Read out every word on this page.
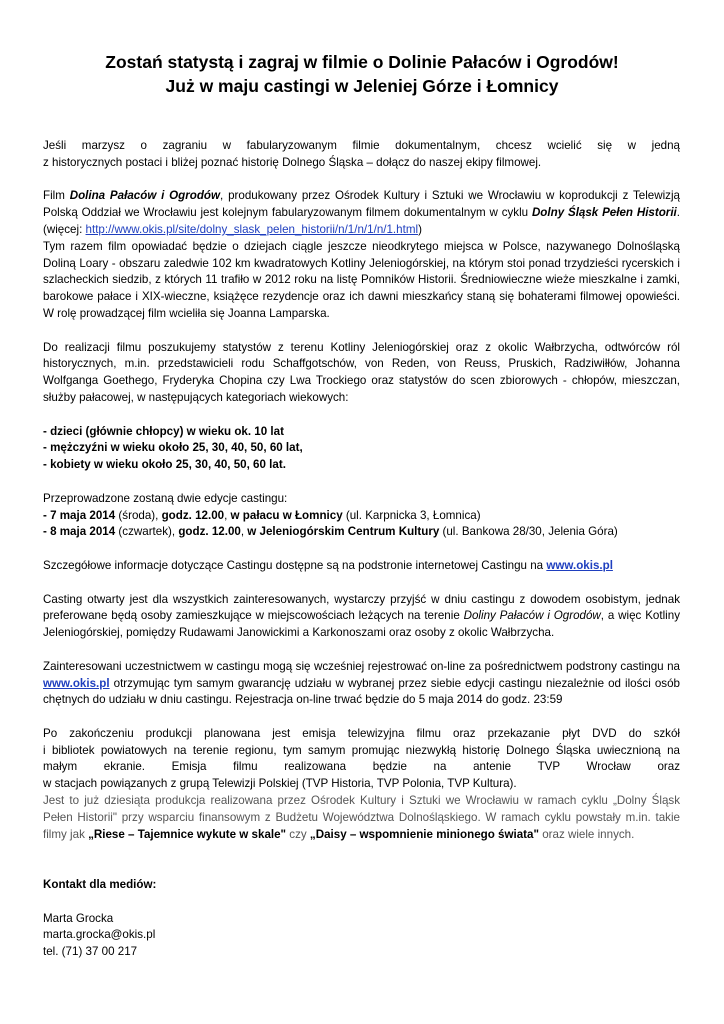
Zostań statystą i zagraj w filmie o Dolinie Pałaców i Ogrodów!
Już w maju castingi w Jeleniej Górze i Łomnicy

Jeśli marzysz o zagraniu w fabularyzowanym filmie dokumentalnym, chcesz wcielić się w jedną
z historycznych postaci i bliżej poznać historię Dolnego Śląska – dołącz do naszej ekipy filmowej.

Film Dolina Pałaców i Ogrodów, produkowany przez Ośrodek Kultury i Sztuki we Wrocławiu w koprodukcji z Telewizją Polską Oddział we Wrocławiu jest kolejnym fabularyzowanym filmem dokumentalnym w cyklu Dolny Śląsk Pełen Historii. (więcej: http://www.okis.pl/site/dolny_slask_pelen_historii/n/1/n/1/n/1.html)
Tym razem film opowiadać będzie o dziejach ciągle jeszcze nieodkrytego miejsca w Polsce, nazywanego Dolnośląską Doliną Loary - obszaru zaledwie 102 km kwadratowych Kotliny Jeleniogórskiej, na którym stoi ponad trzydzieści rycerskich i szlacheckich siedzib, z których 11 trafiło w 2012 roku na listę Pomników Historii. Średniowieczne wieże mieszkalne i zamki, barokowe pałace i XIX-wieczne, książęce rezydencje oraz ich dawni mieszkańcy staną się bohaterami filmowej opowieści. W rolę prowadzącej film wcieliła się Joanna Lamparska.

Do realizacji filmu poszukujemy statystów z terenu Kotliny Jeleniogórskiej oraz z okolic Wałbrzycha, odtwórców ról historycznych, m.in. przedstawicieli rodu Schaffgotschów, von Reden, von Reuss, Pruskich, Radziwiłłów, Johanna Wolfganga Goethego, Fryderyka Chopina czy Lwa Trockiego oraz statystów do scen zbiorowych - chłopów, mieszczan, służby pałacowej, w następujących kategoriach wiekowych:

- dzieci (głównie chłopcy) w wieku ok. 10 lat
- mężczyźni w wieku około 25, 30, 40, 50, 60 lat,
- kobiety w wieku około 25, 30, 40, 50, 60 lat.

Przeprowadzone zostaną dwie edycje castingu:
- 7 maja 2014 (środa), godz. 12.00, w pałacu w Łomnicy (ul. Karpnicka 3, Łomnica)
- 8 maja 2014 (czwartek), godz. 12.00, w Jeleniogórskim Centrum Kultury (ul. Bankowa 28/30, Jelenia Góra)

Szczegółowe informacje dotyczące Castingu dostępne są na podstronie internetowej Castingu na www.okis.pl

Casting otwarty jest dla wszystkich zainteresowanych, wystarczy przyjść w dniu castingu z dowodem osobistym, jednak preferowane będą osoby zamieszkujące w miejscowościach leżących na terenie Doliny Pałaców i Ogrodów, a więc Kotliny Jeleniogórskiej, pomiędzy Rudawami Janowickimi a Karkonoszami oraz osoby z okolic Wałbrzycha.

Zainteresowani uczestnictwem w castingu mogą się wcześniej rejestrować on-line za pośrednictwem podstrony castingu na www.okis.pl otrzymując tym samym gwarancję udziału w wybranej przez siebie edycji castingu niezależnie od ilości osób chętnych do udziału w dniu castingu. Rejestracja on-line trwać będzie do 5 maja 2014 do godz. 23:59

Po zakończeniu produkcji planowana jest emisja telewizyjna filmu oraz przekazanie płyt DVD do szkół
i bibliotek powiatowych na terenie regionu, tym samym promując niezwykłą historię Dolnego Śląska uwiecznioną na
małym ekranie. Emisja filmu realizowana będzie na antenie TVP Wrocław oraz
w stacjach powiązanych z grupą Telewizji Polskiej (TVP Historia, TVP Polonia, TVP Kultura).
Jest to już dziesiąta produkcja realizowana przez Ośrodek Kultury i Sztuki we Wrocławiu w ramach cyklu „Dolny Śląsk Pełen Historii" przy wsparciu finansowym z Budżetu Województwa Dolnośląskiego. W ramach cyklu powstały m.in. takie filmy jak „Riese – Tajemnice wykute w skale" czy „Daisy – wspomnienie minionego świata" oraz wiele innych.

Kontakt dla mediów:

Marta Grocka
marta.grocka@okis.pl
tel. (71) 37 00 217
